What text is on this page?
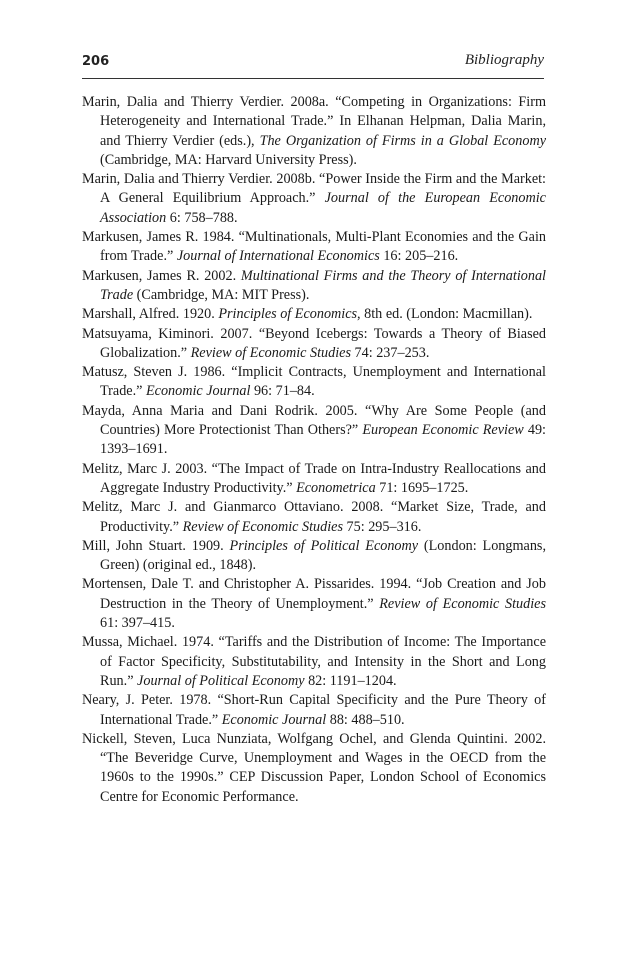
206	Bibliography

Marin, Dalia and Thierry Verdier. 2008a. “Competing in Organizations: Firm Heterogeneity and International Trade.” In Elhanan Helpman, Dalia Marin, and Thierry Verdier (eds.), The Organization of Firms in a Global Economy (Cambridge, MA: Harvard University Press).

Marin, Dalia and Thierry Verdier. 2008b. “Power Inside the Firm and the Market: A General Equilibrium Approach.” Journal of the European Economic Association 6: 758–788.

Markusen, James R. 1984. “Multinationals, Multi-Plant Economies and the Gain from Trade.” Journal of International Economics 16: 205–216.

Markusen, James R. 2002. Multinational Firms and the Theory of International Trade (Cambridge, MA: MIT Press).

Marshall, Alfred. 1920. Principles of Economics, 8th ed. (London: Macmillan).

Matsuyama, Kiminori. 2007. “Beyond Icebergs: Towards a Theory of Biased Globalization.” Review of Economic Studies 74: 237–253.

Matusz, Steven J. 1986. “Implicit Contracts, Unemployment and International Trade.” Economic Journal 96: 71–84.

Mayda, Anna Maria and Dani Rodrik. 2005. “Why Are Some People (and Countries) More Protectionist Than Others?” European Economic Review 49: 1393–1691.

Melitz, Marc J. 2003. “The Impact of Trade on Intra-Industry Reallocations and Aggregate Industry Productivity.” Econometrica 71: 1695–1725.

Melitz, Marc J. and Gianmarco Ottaviano. 2008. “Market Size, Trade, and Productivity.” Review of Economic Studies 75: 295–316.

Mill, John Stuart. 1909. Principles of Political Economy (London: Longmans, Green) (original ed., 1848).

Mortensen, Dale T. and Christopher A. Pissarides. 1994. “Job Creation and Job Destruction in the Theory of Unemployment.” Review of Economic Studies 61: 397–415.

Mussa, Michael. 1974. “Tariffs and the Distribution of Income: The Importance of Factor Specificity, Substitutability, and Intensity in the Short and Long Run.” Journal of Political Economy 82: 1191–1204.

Neary, J. Peter. 1978. “Short-Run Capital Specificity and the Pure Theory of International Trade.” Economic Journal 88: 488–510.

Nickell, Steven, Luca Nunziata, Wolfgang Ochel, and Glenda Quintini. 2002. “The Beveridge Curve, Unemployment and Wages in the OECD from the 1960s to the 1990s.” CEP Discussion Paper, London School of Economics Centre for Economic Performance.
